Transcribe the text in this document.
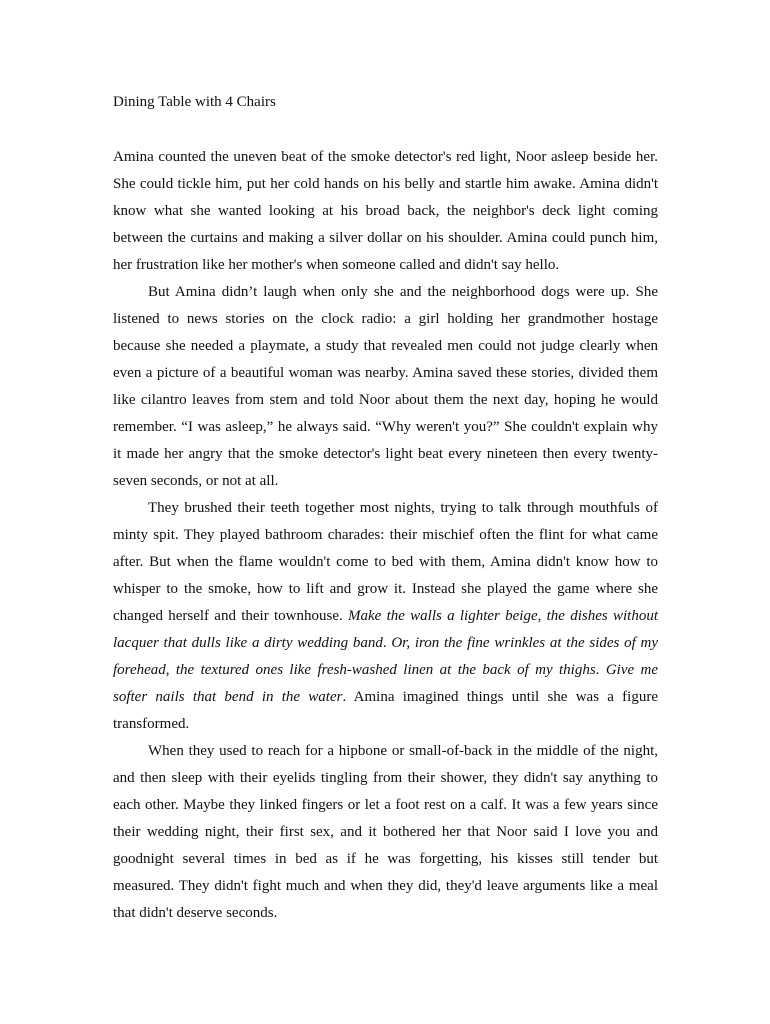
Dining Table with 4 Chairs
Amina counted the uneven beat of the smoke detector's red light, Noor asleep beside her.
She could tickle him, put her cold hands on his belly and startle him awake. Amina didn't
know what she wanted looking at his broad back, the neighbor's deck light coming
between the curtains and making a silver dollar on his shoulder. Amina could punch him,
her frustration like her mother's when someone called and didn't say hello.
But Amina didn’t laugh when only she and the neighborhood dogs were up. She
listened to news stories on the clock radio: a girl holding her grandmother hostage
because she needed a playmate, a study that revealed men could not judge clearly when
even a picture of a beautiful woman was nearby. Amina saved these stories, divided them
like cilantro leaves from stem and told Noor about them the next day, hoping he would
remember. “I was asleep,” he always said. “Why weren't you?” She couldn't explain why
it made her angry that the smoke detector's light beat every nineteen then every twenty-
seven seconds, or not at all.
They brushed their teeth together most nights, trying to talk through mouthfuls of
minty spit. They played bathroom charades: their mischief often the flint for what came
after. But when the flame wouldn't come to bed with them, Amina didn't know how to
whisper to the smoke, how to lift and grow it. Instead she played the game where she
changed herself and their townhouse. Make the walls a lighter beige, the dishes without
lacquer that dulls like a dirty wedding band. Or, iron the fine wrinkles at the sides of my
forehead, the textured ones like fresh-washed linen at the back of my thighs. Give me
softer nails that bend in the water. Amina imagined things until she was a figure
transformed.
When they used to reach for a hipbone or small-of-back in the middle of the night,
and then sleep with their eyelids tingling from their shower, they didn't say anything to
each other. Maybe they linked fingers or let a foot rest on a calf. It was a few years since
their wedding night, their first sex, and it bothered her that Noor said I love you and
goodnight several times in bed as if he was forgetting, his kisses still tender but
measured. They didn't fight much and when they did, they'd leave arguments like a meal
that didn't deserve seconds.
